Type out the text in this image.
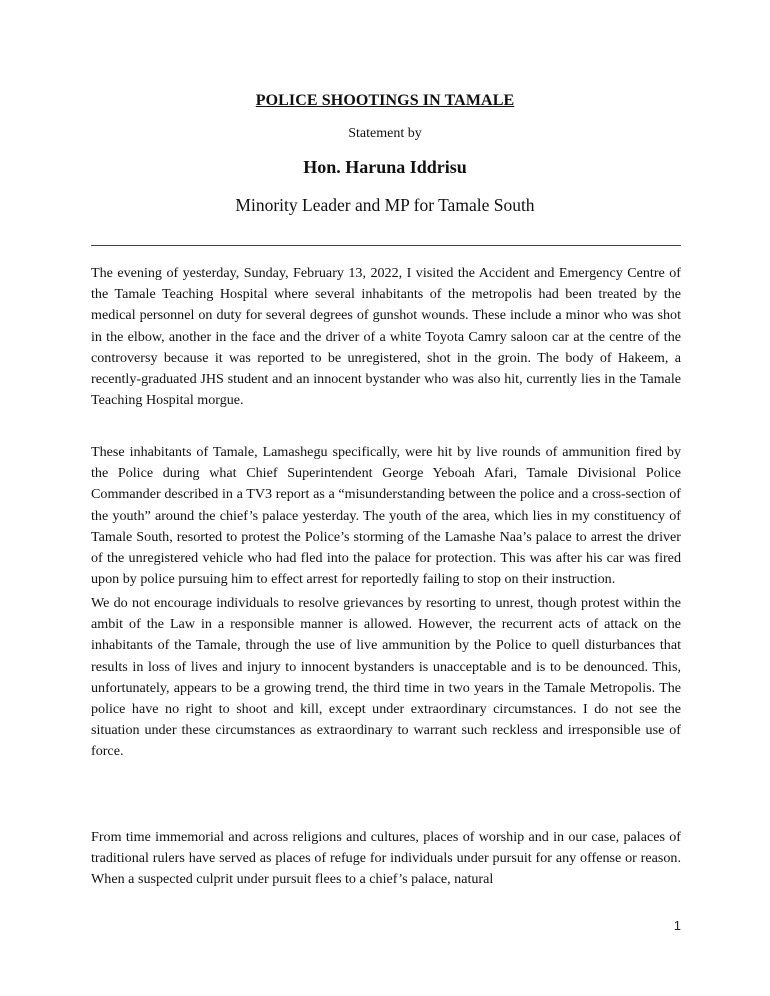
POLICE SHOOTINGS IN TAMALE
Statement by
Hon. Haruna Iddrisu
Minority Leader and MP for Tamale South

The evening of yesterday, Sunday, February 13, 2022, I visited the Accident and Emergency Centre of the Tamale Teaching Hospital where several inhabitants of the metropolis had been treated by the medical personnel on duty for several degrees of gunshot wounds. These include a minor who was shot in the elbow, another in the face and the driver of a white Toyota Camry saloon car at the centre of the controversy because it was reported to be unregistered, shot in the groin. The body of Hakeem, a recently-graduated JHS student and an innocent bystander who was also hit, currently lies in the Tamale Teaching Hospital morgue.

These inhabitants of Tamale, Lamashegu specifically, were hit by live rounds of ammunition fired by the Police during what Chief Superintendent George Yeboah Afari, Tamale Divisional Police Commander described in a TV3 report as a “misunderstanding between the police and a cross-section of the youth” around the chief’s palace yesterday. The youth of the area, which lies in my constituency of Tamale South, resorted to protest the Police’s storming of the Lamashe Naa’s palace to arrest the driver of the unregistered vehicle who had fled into the palace for protection. This was after his car was fired upon by police pursuing him to effect arrest for reportedly failing to stop on their instruction.

We do not encourage individuals to resolve grievances by resorting to unrest, though protest within the ambit of the Law in a responsible manner is allowed. However, the recurrent acts of attack on the inhabitants of the Tamale, through the use of live ammunition by the Police to quell disturbances that results in loss of lives and injury to innocent bystanders is unacceptable and is to be denounced. This, unfortunately, appears to be a growing trend, the third time in two years in the Tamale Metropolis. The police have no right to shoot and kill, except under extraordinary circumstances. I do not see the situation under these circumstances as extraordinary to warrant such reckless and irresponsible use of force.

From time immemorial and across religions and cultures, places of worship and in our case, palaces of traditional rulers have served as places of refuge for individuals under pursuit for any offense or reason. When a suspected culprit under pursuit flees to a chief’s palace, natural

1
